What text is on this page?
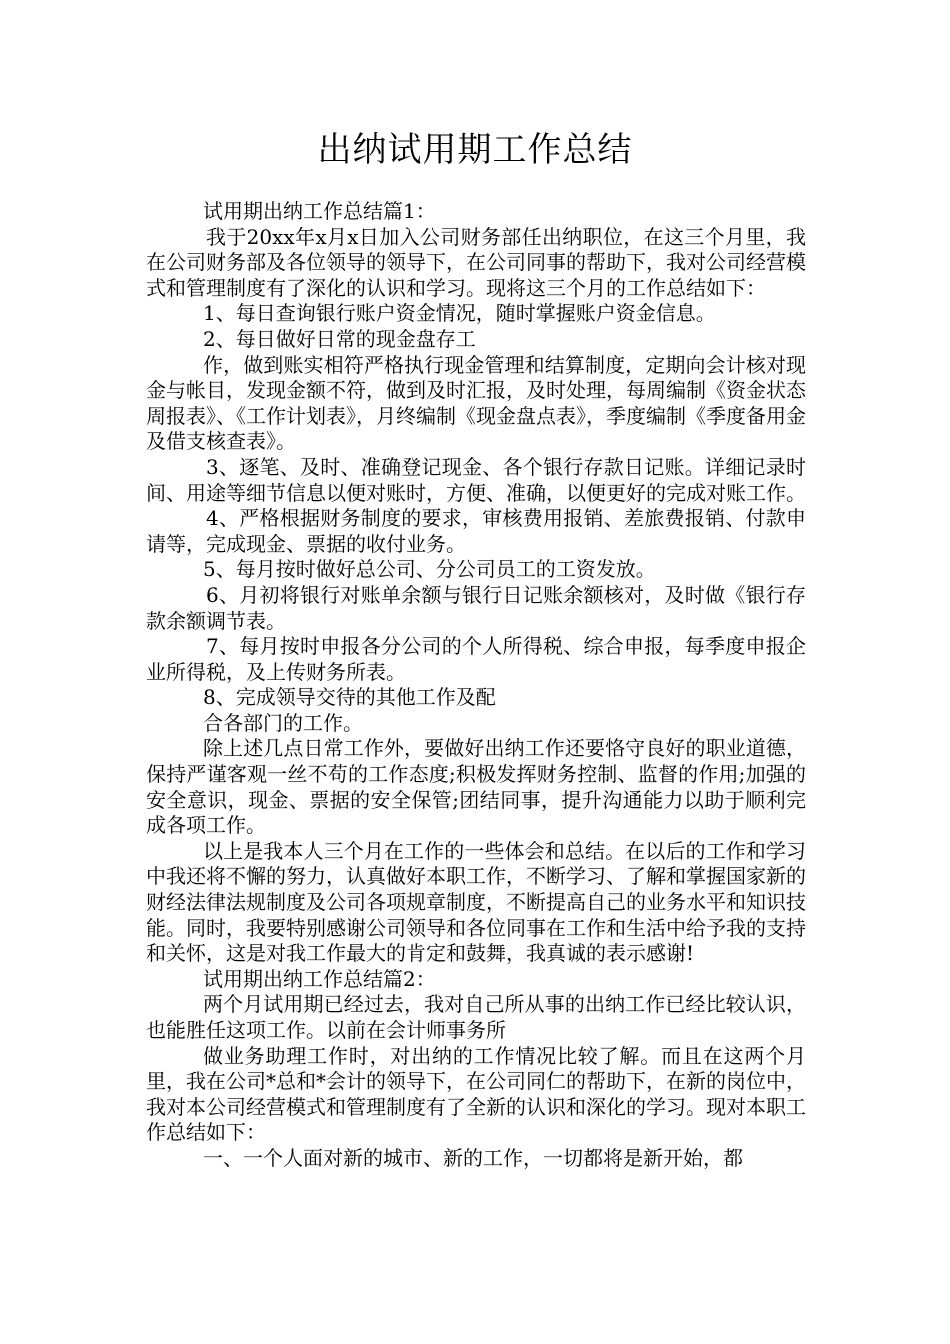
出纳试用期工作总结

试用期出纳工作总结篇1：

我于20xx年x月x日加入公司财务部任出纳职位，在这三个月里，我在公司财务部及各位领导的领导下，在公司同事的帮助下，我对公司经营模式和管理制度有了深化的认识和学习。现将这三个月的工作总结如下：

1、每日查询银行账户资金情况，随时掌握账户资金信息。

2、每日做好日常的现金盘存工

作，做到账实相符严格执行现金管理和结算制度，定期向会计核对现金与帐目，发现金额不符，做到及时汇报，及时处理，每周编制《资金状态周报表》、《工作计划表》，月终编制《现金盘点表》，季度编制《季度备用金及借支核查表》。

3、逐笔、及时、准确登记现金、各个银行存款日记账。详细记录时间、用途等细节信息以便对账时，方便、准确，以便更好的完成对账工作。

4、严格根据财务制度的要求，审核费用报销、差旅费报销、付款申请等，完成现金、票据的收付业务。

5、每月按时做好总公司、分公司员工的工资发放。

6、月初将银行对账单余额与银行日记账余额核对，及时做《银行存款余额调节表。

7、每月按时申报各分公司的个人所得税、综合申报，每季度申报企业所得税，及上传财务所表。

8、完成领导交待的其他工作及配

合各部门的工作。

除上述几点日常工作外，要做好出纳工作还要恪守良好的职业道德，保持严谨客观一丝不苟的工作态度;积极发挥财务控制、监督的作用;加强的安全意识，现金、票据的安全保管;团结同事，提升沟通能力以助于顺利完成各项工作。

以上是我本人三个月在工作的一些体会和总结。在以后的工作和学习中我还将不懈的努力，认真做好本职工作，不断学习、了解和掌握国家新的财经法律法规制度及公司各项规章制度，不断提高自己的业务水平和知识技能。同时，我要特别感谢公司领导和各位同事在工作和生活中给予我的支持和关怀，这是对我工作最大的肯定和鼓舞，我真诚的表示感谢!

试用期出纳工作总结篇2：

两个月试用期已经过去，我对自己所从事的出纳工作已经比较认识，也能胜任这项工作。以前在会计师事务所

做业务助理工作时，对出纳的工作情况比较了解。而且在这两个月里，我在公司*总和*会计的领导下，在公司同仁的帮助下，在新的岗位中，我对本公司经营模式和管理制度有了全新的认识和深化的学习。现对本职工作总结如下：

一、一个人面对新的城市、新的工作，一切都将是新开始，都
